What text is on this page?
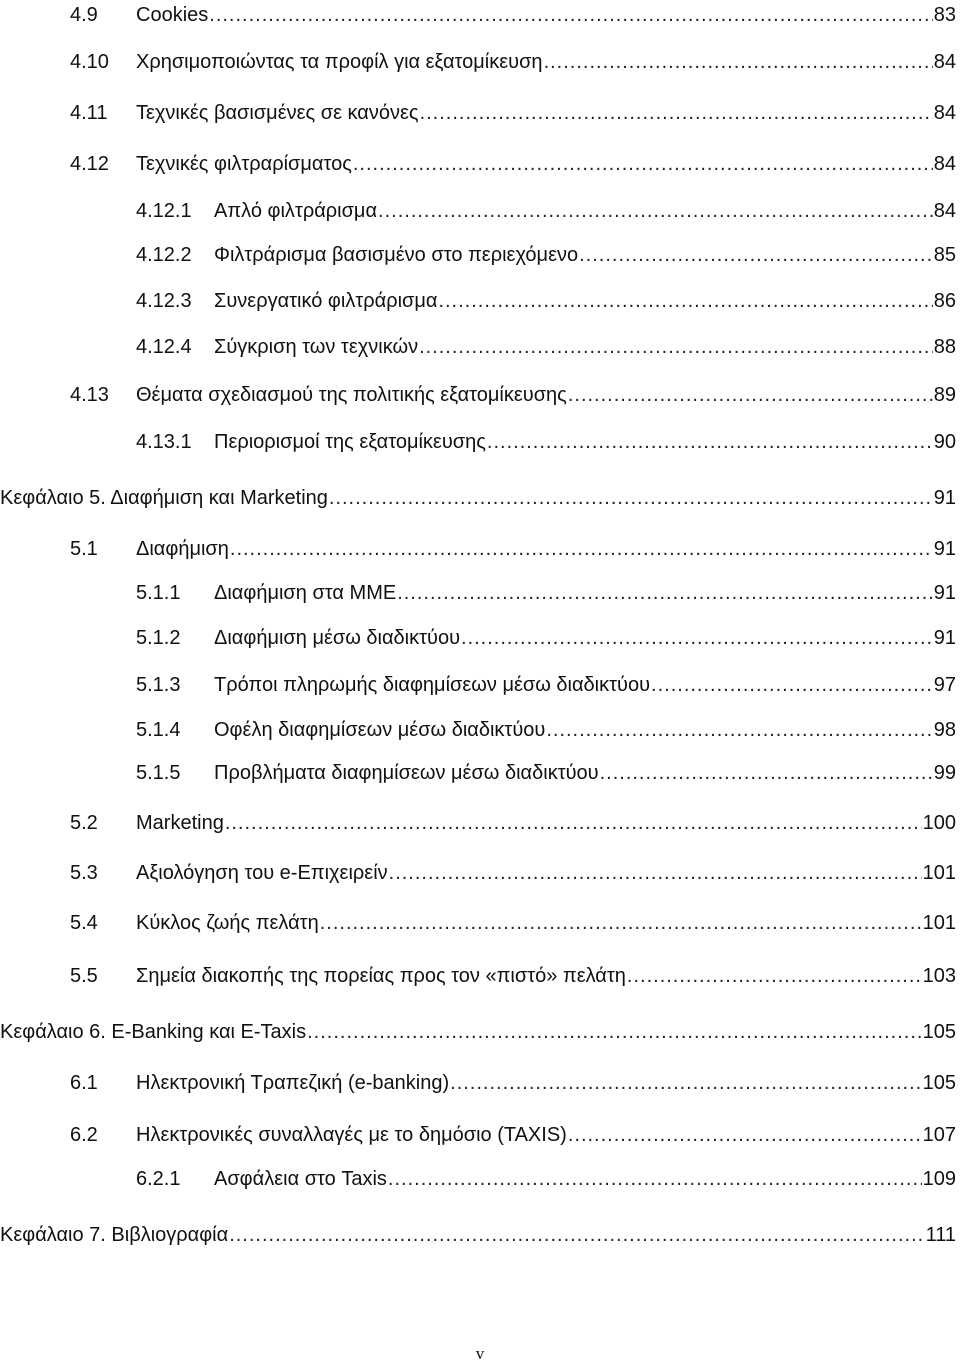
4.9 Cookies .....	83
4.10 Χρησιμοποιώντας τα προφίλ για εξατομίκευση .....	84
4.11 Τεχνικές βασισμένες σε κανόνες .....	84
4.12 Τεχνικές φιλτραρίσματος .....	84
4.12.1 Απλό φιλτράρισμα .....	84
4.12.2 Φιλτράρισμα βασισμένο στο περιεχόμενο .....	85
4.12.3 Συνεργατικό φιλτράρισμα .....	86
4.12.4 Σύγκριση των τεχνικών .....	88
4.13 Θέματα σχεδιασμού της πολιτικής εξατομίκευσης .....	89
4.13.1 Περιορισμοί της εξατομίκευσης .....	90
Κεφάλαιο 5. Διαφήμιση και Marketing .....	91
5.1 Διαφήμιση .....	91
5.1.1 Διαφήμιση στα ΜΜΕ .....	91
5.1.2 Διαφήμιση μέσω διαδικτύου .....	91
5.1.3 Τρόποι πληρωμής διαφημίσεων μέσω διαδικτύου .....	97
5.1.4 Οφέλη διαφημίσεων μέσω διαδικτύου .....	98
5.1.5 Προβλήματα διαφημίσεων μέσω διαδικτύου .....	99
5.2 Marketing .....	100
5.3 Αξιολόγηση του e-Επιχειρείν .....	101
5.4 Κύκλος ζωής πελάτη .....	101
5.5 Σημεία διακοπής της πορείας προς τον «πιστό» πελάτη .....	103
Κεφάλαιο 6. E-Banking και E-Taxis .....	105
6.1 Ηλεκτρονική Τραπεζική (e-banking) .....	105
6.2 Ηλεκτρονικές συναλλαγές με το δημόσιο (TAXIS) .....	107
6.2.1 Ασφάλεια στο Taxis .....	109
Κεφάλαιο 7. Βιβλιογραφία .....	111
v
